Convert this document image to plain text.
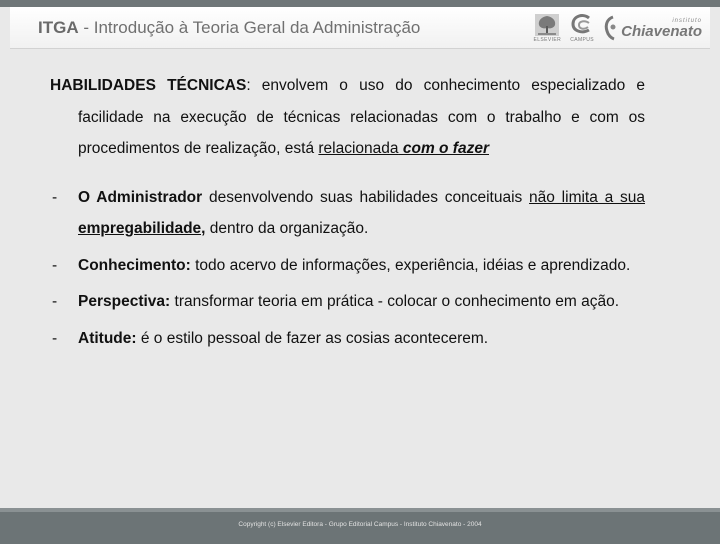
ITGA - Introdução à Teoria Geral da Administração
ELSEVIER CAMPUS
instituto
Chiavenato

HABILIDADES TÉCNICAS: envolvem o uso do conhecimento especializado e facilidade na execução de técnicas relacionadas com o trabalho e com os procedimentos de realização, está relacionada com o fazer

- O Administrador desenvolvendo suas habilidades conceituais não limita a sua empregabilidade, dentro da organização.
- Conhecimento: todo acervo de informações, experiência, idéias e aprendizado.
- Perspectiva: transformar teoria em prática - colocar o conhecimento em ação.
- Atitude: é o estilo pessoal de fazer as cosias acontecerem.
Copyright (c) Elsevier Editora - Grupo Editorial Campus - Instituto Chiavenato - 2004
